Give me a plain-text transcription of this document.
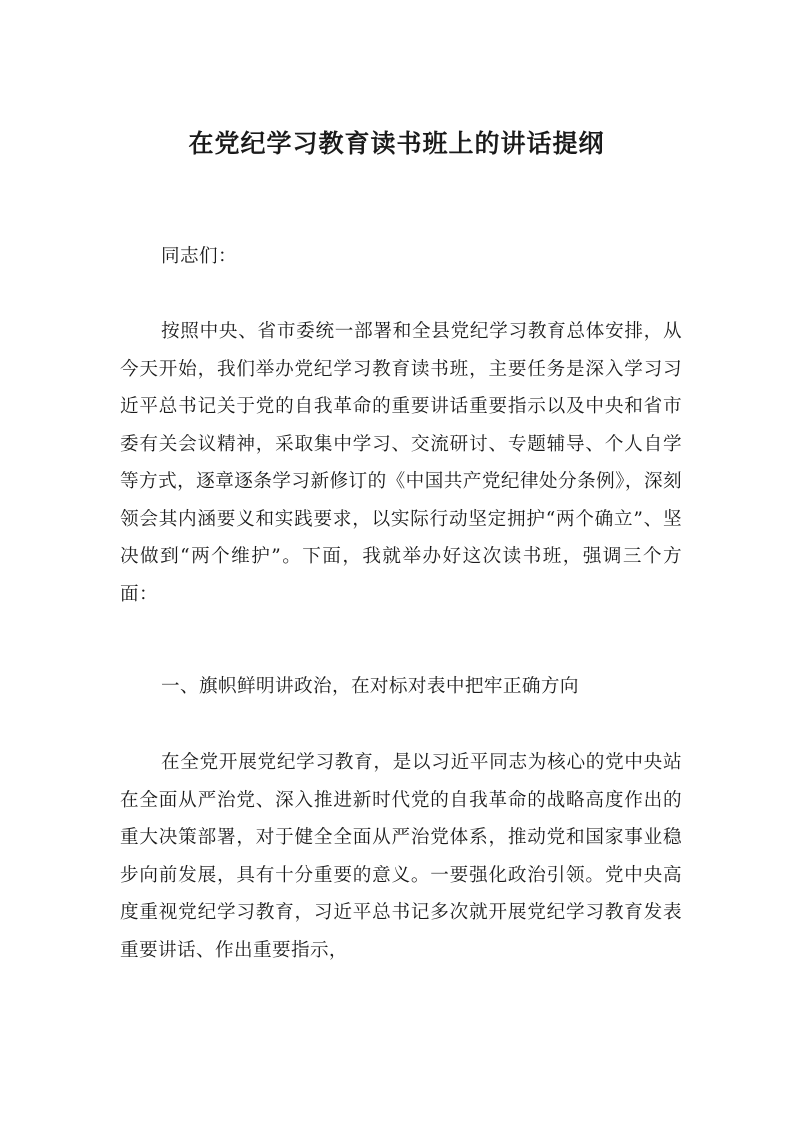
在党纪学习教育读书班上的讲话提纲

同志们：

按照中央、省市委统一部署和全县党纪学习教育总体安排，从今天开始，我们举办党纪学习教育读书班，主要任务是深入学习习近平总书记关于党的自我革命的重要讲话重要指示以及中央和省市委有关会议精神，采取集中学习、交流研讨、专题辅导、个人自学等方式，逐章逐条学习新修订的《中国共产党纪律处分条例》，深刻领会其内涵要义和实践要求，以实际行动坚定拥护“两个确立”、坚决做到“两个维护”。下面，我就举办好这次读书班，强调三个方面：

一、旗帜鲜明讲政治，在对标对表中把牢正确方向

在全党开展党纪学习教育，是以习近平同志为核心的党中央站在全面从严治党、深入推进新时代党的自我革命的战略高度作出的重大决策部署，对于健全全面从严治党体系，推动党和国家事业稳步向前发展，具有十分重要的意义。一要强化政治引领。党中央高度重视党纪学习教育，习近平总书记多次就开展党纪学习教育发表重要讲话、作出重要指示，
